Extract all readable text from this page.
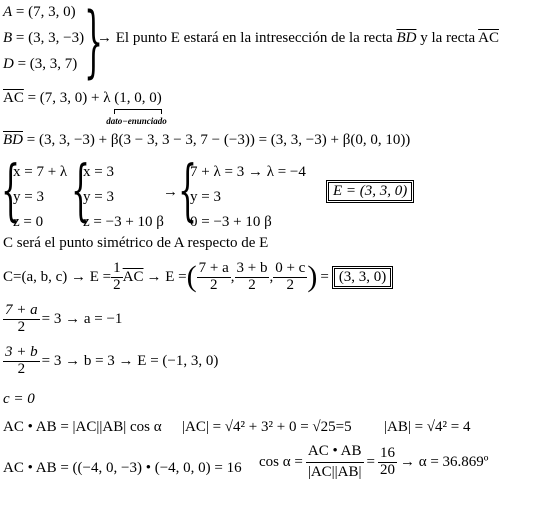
A = (7, 3, 0)
B = (3, 3, −3)
D = (3, 3, 7) }
→ El punto E estará en la intresección de la recta $\overline{BD}$ y la recta $\overline{AC}$
$\overline{AC} = (7$, 3, 0) + λ (1, 0, 0)
dato−enunciado
$\overline{BD} = (3$, 3, −3) + β(3 − 3, 3 − 3, 7 − (−3)) = (3, 3, −3) + β(0, 0, 10))
{
x = 7 + λ
y = 3
z = 0 {
x = 3
y = 3
z = −3 + 10 β
→ {
7 + λ = 3 → λ = −4
y = 3
0 = −3 + 10 β
E = (3, 3, 0)
C será el punto simétrico de A respecto de E
C=(a, b, $c) \to E = \frac{1}{2} \overline{AC} \to E$ = ( $\frac{7 + a}{2}$ , $\frac{3 + b}{2}$ , $\frac{0 + c}{2}$ ) = (3, 3, 0)
$\frac{7 + a}{2} = 3 \to a = -1$
$\frac{3 + b}{2} = 3 \to b = 3 \to E = (-1$, 3, 0)
c = 0
AC • AB = |AC||AB| cos α |AC| = √4² + 3² + 0 = √25=5 |AB| = √4² = 4
AC • AB = ((−4, 0, −3) • (−4, 0, 0) = 16 $\cos \alpha = \frac{AC • AB}{|AC||AB|} = \frac{16}{20} \to \alpha$ = 36.869º
